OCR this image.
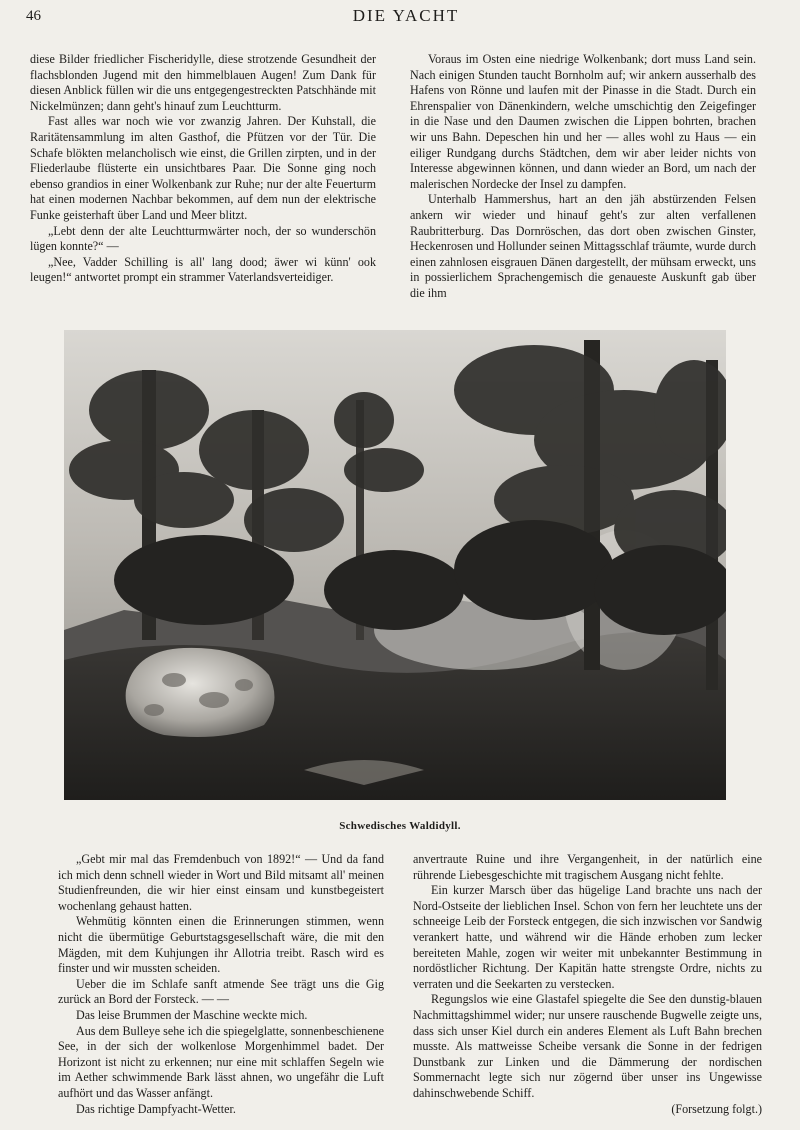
46	DIE YACHT

diese Bilder friedlicher Fischeridylle, diese strotzende Gesundheit der flachsblonden Jugend mit den himmelblauen Augen! Zum Dank für diesen Anblick füllen wir die uns entgegengestreckten Patschhände mit Nickelmünzen; dann geht's hinauf zum Leuchtturm.

Fast alles war noch wie vor zwanzig Jahren. Der Kuhstall, die Raritätensammlung im alten Gasthof, die Pfützen vor der Tür. Die Schafe blökten melancholisch wie einst, die Grillen zirpten, und in der Fliederlaube flüsterte ein unsichtbares Paar. Die Sonne ging noch ebenso grandios in einer Wolkenbank zur Ruhe; nur der alte Feuerturm hat einen modernen Nachbar bekommen, auf dem nun der elektrische Funke geisterhaft über Land und Meer blitzt.

„Lebt denn der alte Leuchtturmwärter noch, der so wunderschön lügen konnte?“ —

„Nee, Vadder Schilling is all' lang dood; äwer wi künn' ook leugen!“ antwortet prompt ein strammer Vaterlandsverteidiger.

Voraus im Osten eine niedrige Wolkenbank; dort muss Land sein. Nach einigen Stunden taucht Bornholm auf; wir ankern ausserhalb des Hafens von Rönne und laufen mit der Pinasse in die Stadt. Durch ein Ehrenspalier von Dänenkindern, welche umschichtig den Zeigefinger in die Nase und den Daumen zwischen die Lippen bohrten, brachen wir uns Bahn. Depeschen hin und her — alles wohl zu Haus — ein eiliger Rundgang durchs Städtchen, dem wir aber leider nichts von Interesse abgewinnen können, und dann wieder an Bord, um nach der malerischen Nordecke der Insel zu dampfen.

Unterhalb Hammershus, hart an den jäh abstürzenden Felsen ankern wir wieder und hinauf geht's zur alten verfallenen Raubritterburg. Das Dornröschen, das dort oben zwischen Ginster, Heckenrosen und Hollunder seinen Mittagsschlaf träumte, wurde durch einen zahnlosen eisgrauen Dänen dargestellt, der mühsam erweckt, uns in possierlichem Sprachengemisch die genaueste Auskunft gab über die ihm

Schwedisches Waldidyll.

„Gebt mir mal das Fremdenbuch von 1892!“ — Und da fand ich mich denn schnell wieder in Wort und Bild mitsamt all' meinen Studienfreunden, die wir hier einst einsam und kunstbegeistert wochenlang gehaust hatten.

Wehmütig könnten einen die Erinnerungen stimmen, wenn nicht die übermütige Geburtstagsgesellschaft wäre, die mit den Mägden, mit dem Kuhjungen ihr Allotria treibt. Rasch wird es finster und wir mussten scheiden.

Ueber die im Schlafe sanft atmende See trägt uns die Gig zurück an Bord der Forsteck. — —

Das leise Brummen der Maschine weckte mich.

Aus dem Bulleye sehe ich die spiegelglatte, sonnenbeschienene See, in der sich der wolkenlose Morgenhimmel badet. Der Horizont ist nicht zu erkennen; nur eine mit schlaffen Segeln wie im Aether schwimmende Bark lässt ahnen, wo ungefähr die Luft aufhört und das Wasser anfängt.

Das richtige Dampfyacht-Wetter.

anvertraute Ruine und ihre Vergangenheit, in der natürlich eine rührende Liebesgeschichte mit tragischem Ausgang nicht fehlte.

Ein kurzer Marsch über das hügelige Land brachte uns nach der Nord-Ostseite der lieblichen Insel. Schon von fern her leuchtete uns der schneeige Leib der Forsteck entgegen, die sich inzwischen vor Sandwig verankert hatte, und während wir die Hände erhoben zum lecker bereiteten Mahle, zogen wir weiter mit unbekannter Bestimmung in nordöstlicher Richtung. Der Kapitän hatte strengste Ordre, nichts zu verraten und die Seekarten zu verstecken.

Regungslos wie eine Glastafel spiegelte die See den dunstig-blauen Nachmittagshimmel wider; nur unsere rauschende Bugwelle zeigte uns, dass sich unser Kiel durch ein anderes Element als Luft Bahn brechen musste. Als mattweisse Scheibe versank die Sonne in der fedrigen Dunstbank zur Linken und die Dämmerung der nordischen Sommernacht legte sich nur zögernd über unser ins Ungewisse dahinschwebende Schiff.

(Forsetzung folgt.)
